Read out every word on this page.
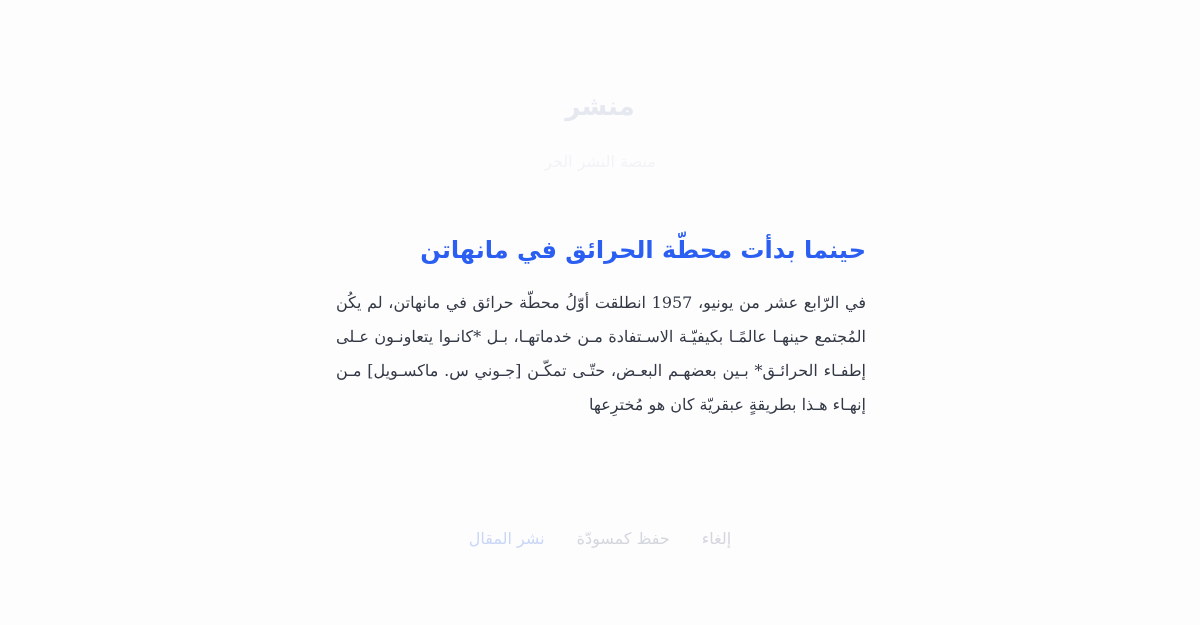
منشر
منصة النشر الحر
حينما بدأت محطّة الحرائق في مانهاتن

في الرّابع عشر من يونيو، 1957 انطلقت أوّلُ محطّة حرائق في مانهاتن، لم يكُن المُجتمع حينهـا عالمًـا بكيفيّـة الاسـتفادة مـن خدماتهـا، بـل *كانـوا يتعاونـون عـلى إطفـاء الحرائـق* بـين بعضهـم البعـض، حتّـى تمكّـن [جـوني س. ماكسـويل] مـن إنهـاء هـذا بطريقةٍ عبقريّة كان هو مُخترِعها

نشر المقال حفظ كمسودّة إلغاء
